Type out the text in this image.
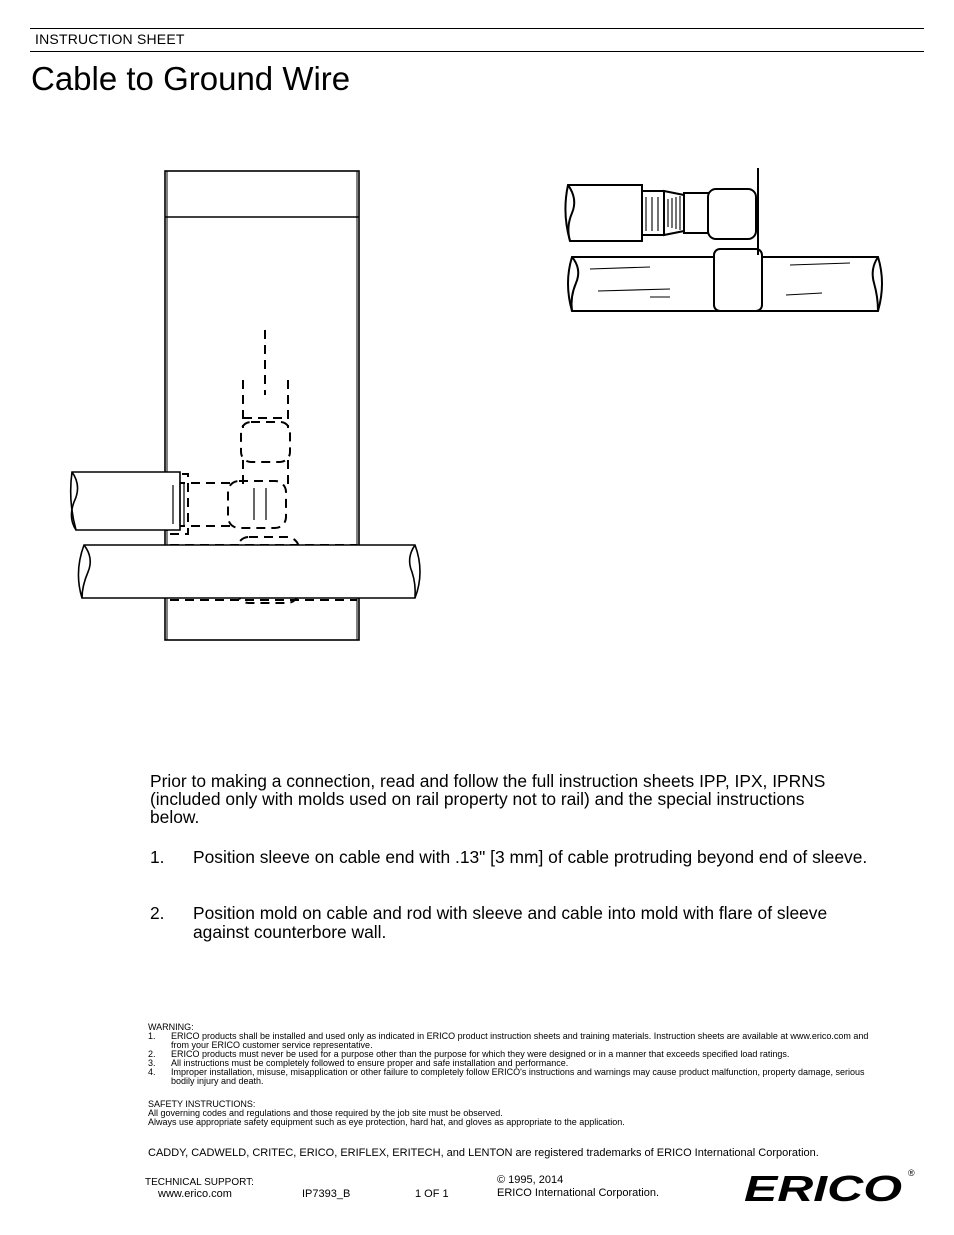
INSTRUCTION SHEET
Cable to Ground Wire

Prior to making a connection, read and follow the full instruction sheets IPP, IPX, IPRNS (included only with molds used on rail property not to rail) and the special instructions below.

1. Position sleeve on cable end with .13" [3 mm] of cable protruding beyond end of sleeve.
2. Position mold on cable and rod with sleeve and cable into mold with flare of sleeve against counterbore wall.
WARNING:
1. ERICO products shall be installed and used only as indicated in ERICO product instruction sheets and training materials. Instruction sheets are available at www.erico.com and from your ERICO customer service representative.
2. ERICO products must never be used for a purpose other than the purpose for which they were designed or in a manner that exceeds specified load ratings.
3. All instructions must be completely followed to ensure proper and safe installation and performance.
4. Improper installation, misuse, misapplication or other failure to completely follow ERICO's instructions and warnings may cause product malfunction, property damage, serious bodily injury and death.
SAFETY INSTRUCTIONS:
All governing codes and regulations and those required by the job site must be observed.
Always use appropriate safety equipment such as eye protection, hard hat, and gloves as appropriate to the application.
CADDY, CADWELD, CRITEC, ERICO, ERIFLEX, ERITECH, and LENTON are registered trademarks of ERICO International Corporation.
TECHNICAL SUPPORT:
www.erico.com	IP7393_B	1 OF 1
© 1995, 2014
ERICO International Corporation. ERICO ®
